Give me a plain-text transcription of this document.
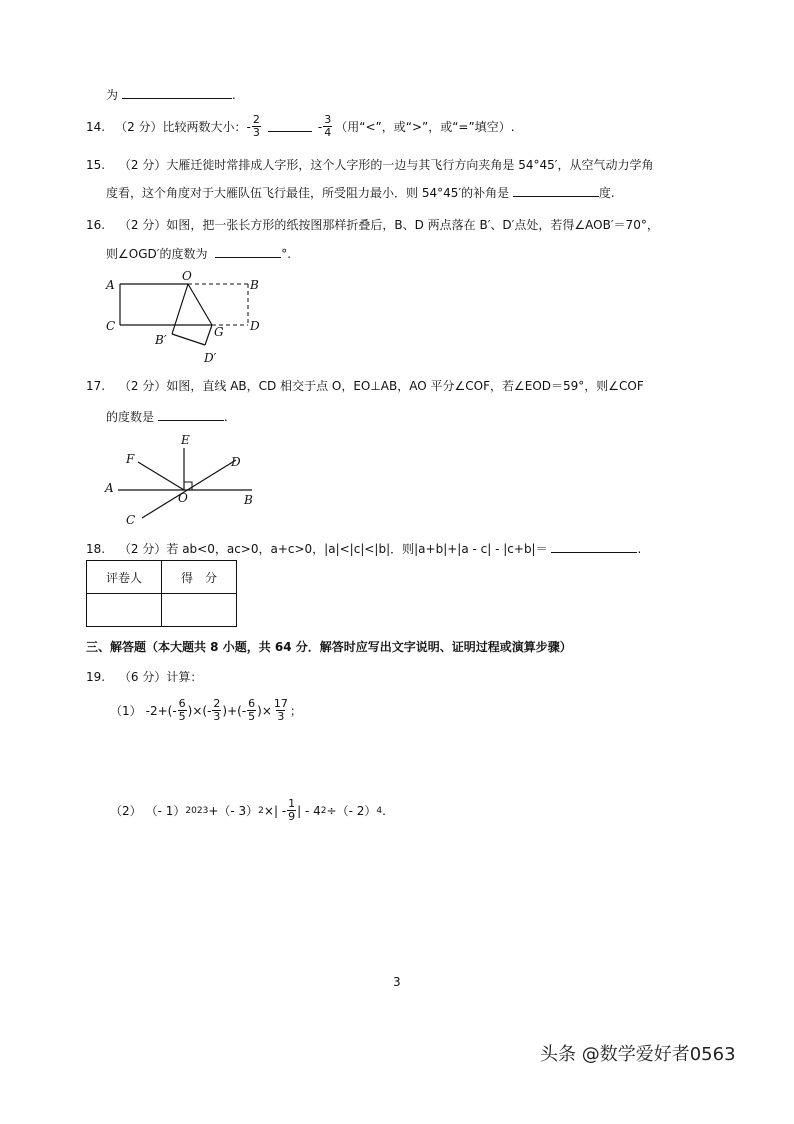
为	.
14. （2 分） 比较两数大小：- $\frac{2}{3}$	- $\frac{3}{4}$ （用“<”，或“>”，或“=”填空）.
15. （2 分）大雁迁徙时常排成人字形，这个人字形的一边与其飞行方向夹角是 54°45′，从空气动力学角
度看，这个角度对于大雁队伍飞行最佳，所受阻力最小．则 54°45′的补角是	度.
16. （2 分）如图，把一张长方形的纸按图那样折叠后，B、D 两点落在 B′、D′点处，若得∠AOB′＝70°，
则∠OGD′的度数为	°.
A
O
B
C	G D
B′
D′
17. （2 分）如图，直线 AB，CD 相交于点 O，EO⊥AB，AO 平分∠COF，若∠EOD＝59°，则∠COF
的度数是	.
E
F	D
A
O	B
C
18. （2 分）若 ab<0，ac>0，a+c>0，|a|<|c|<|b|．则|a+b|+|a - c| - |c+b|＝	.
评卷人	得　分

三、解答题（本大题共 8 小题，共 64 分．解答时应写出文字说明、证明过程或演算步骤）
19. （6 分）计算：
（1） $-2+(- \frac{6}{5}$ )×(- $\frac{2}{3}$ )+(- $\frac{6}{5}$ )× $\frac{17}{3}$ ；
（2） （- 1） 2023 +（- 3） 2 ×| - $\frac{1}{9}$ | - 4 2 ÷（- 2） 4 .
3
头条 @数学爱好者0563
